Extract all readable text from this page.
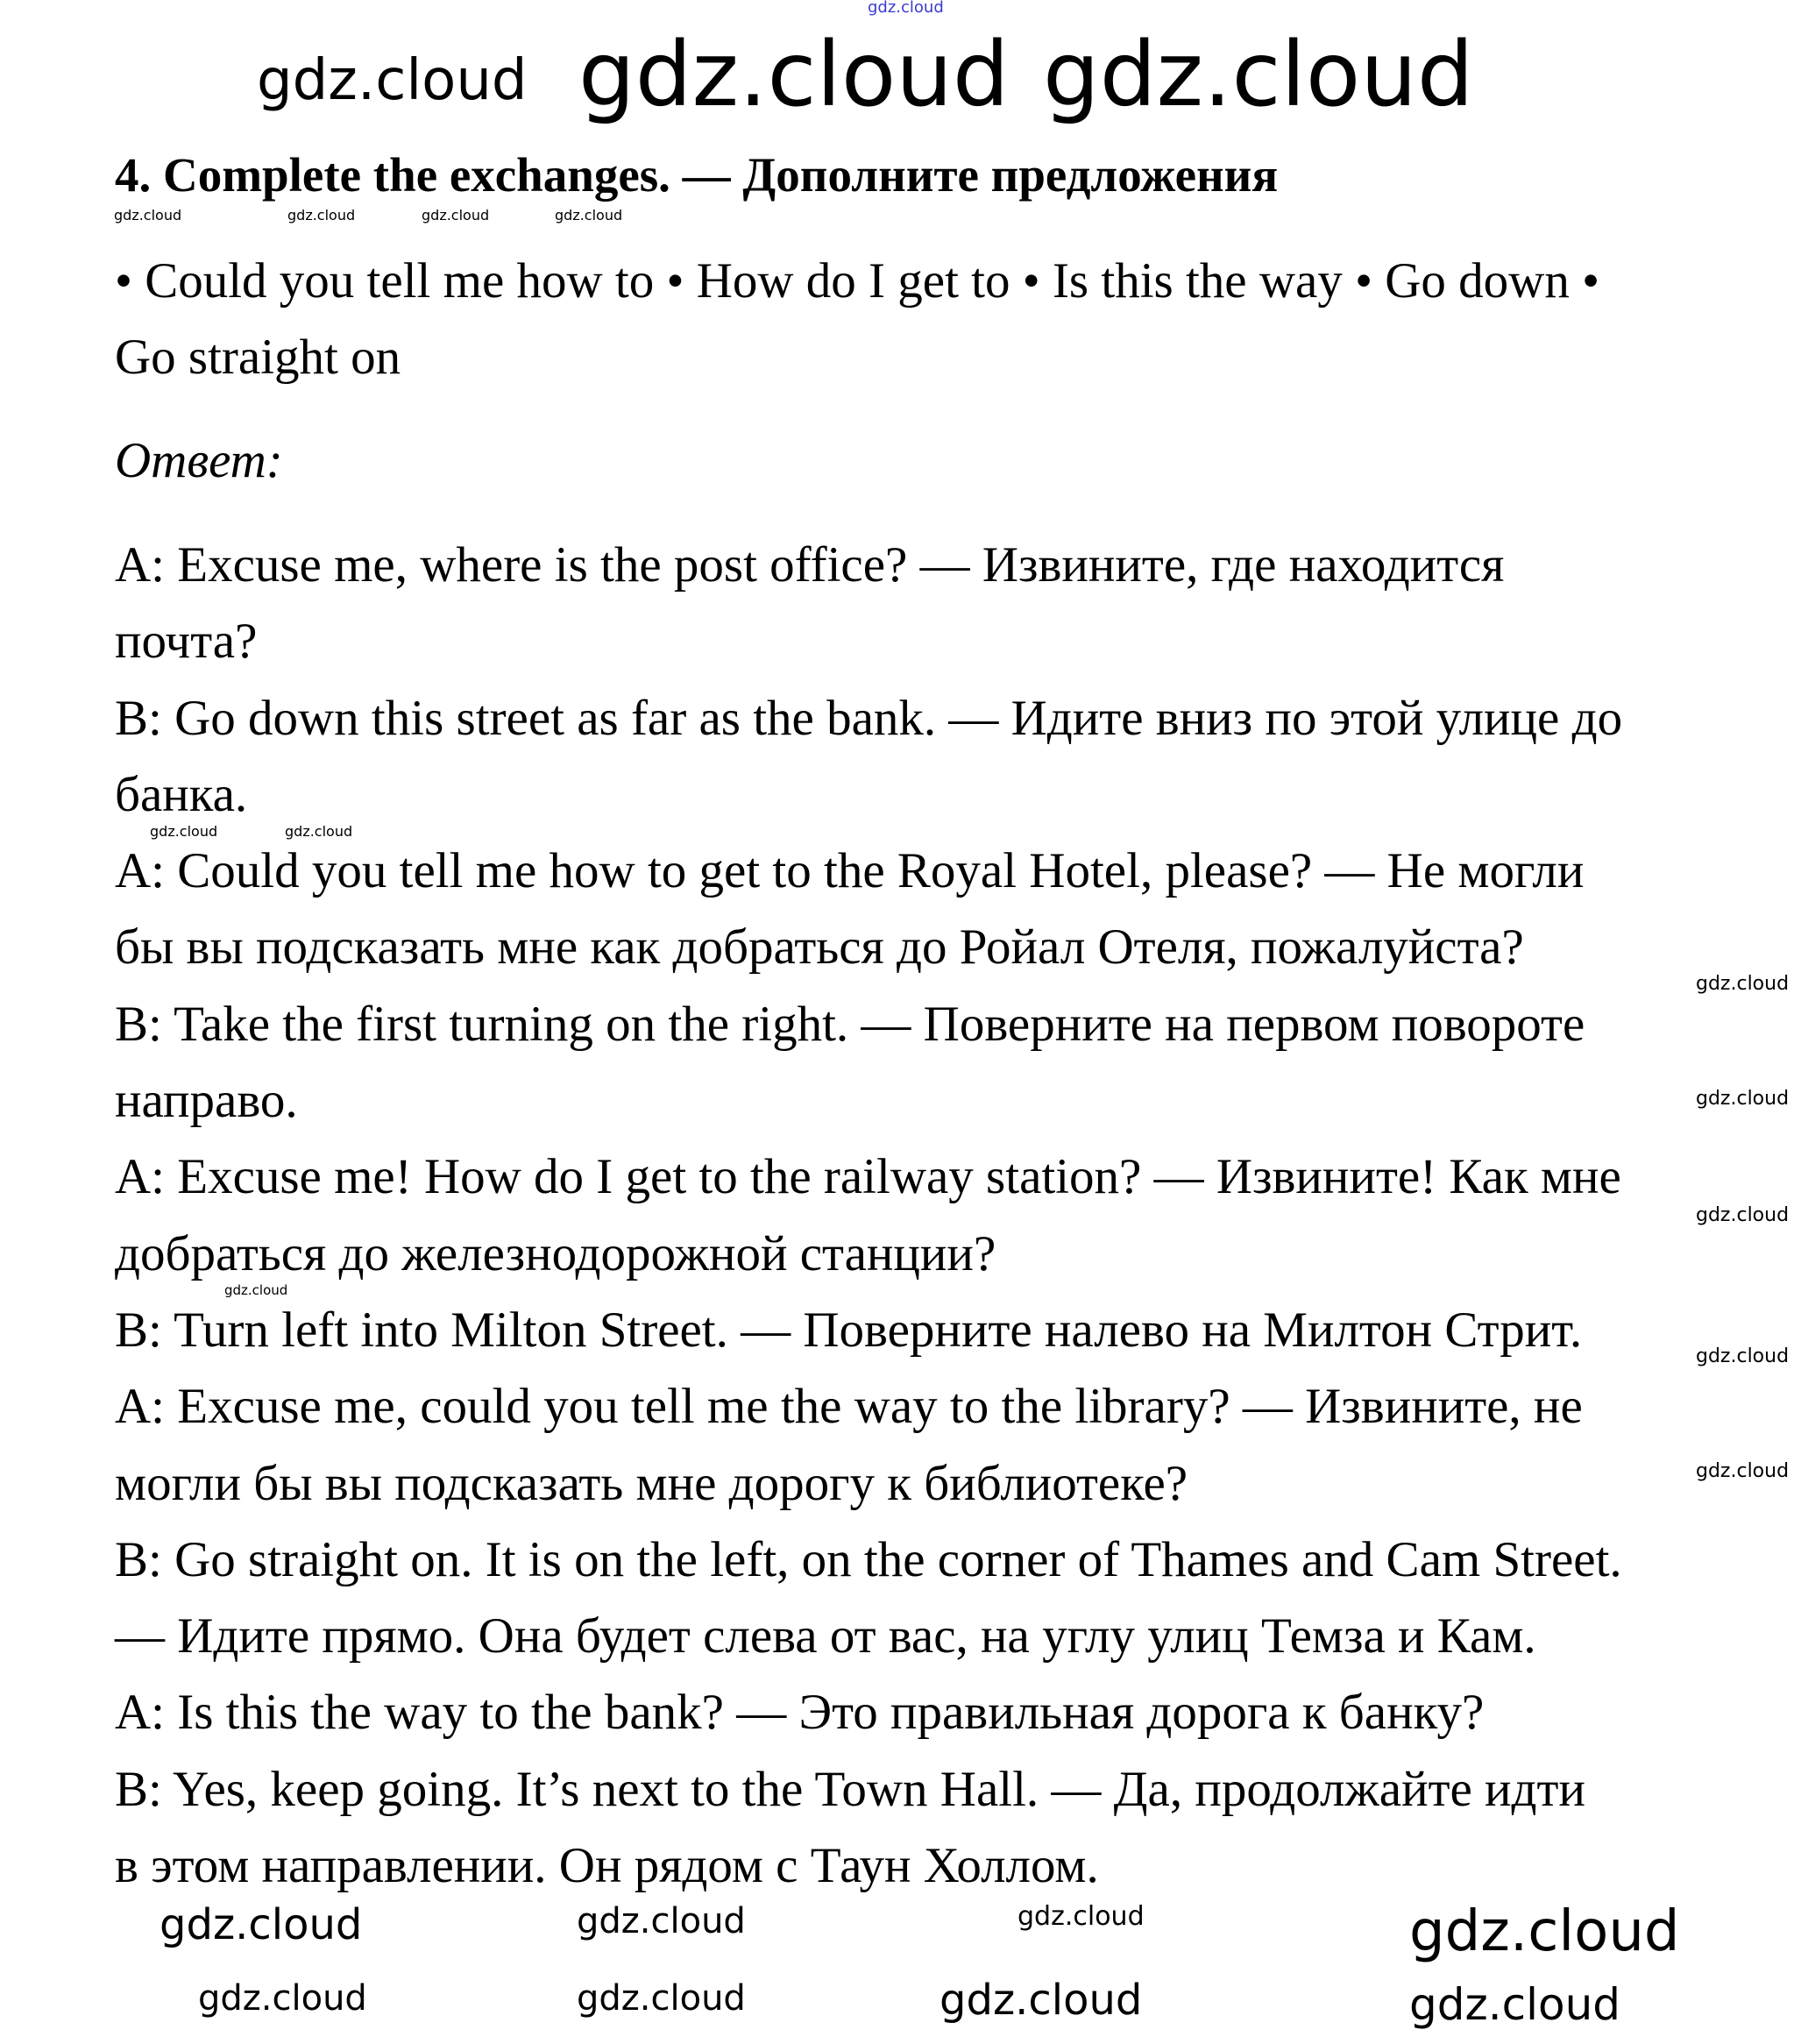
gdz.cloud
4. Complete the exchanges. — Дополните предложения
• Could you tell me how to • How do I get to • Is this the way • Go down •
Go straight on
Ответ:
A: Excuse me, where is the post office? — Извините, где находится
почта?
B: Go down this street as far as the bank. — Идите вниз по этой улице до
банка.
A: Could you tell me how to get to the Royal Hotel, please? — Не могли
бы вы подсказать мне как добраться до Ройал Отеля, пожалуйста?
B: Take the first turning on the right. — Поверните на первом повороте
направо.
A: Excuse me! How do I get to the railway station? — Извините! Как мне
добраться до железнодорожной станции?
B: Turn left into Milton Street. — Поверните налево на Милтон Стрит.
A: Excuse me, could you tell me the way to the library? — Извините, не
могли бы вы подсказать мне дорогу к библиотеке?
B: Go straight on. It is on the left, on the corner of Thames and Cam Street.
— Идите прямо. Она будет слева от вас, на углу улиц Темза и Кам.
A: Is this the way to the bank? — Это правильная дорога к банку?
B: Yes, keep going. It’s next to the Town Hall. — Да, продолжайте идти
в этом направлении. Он рядом с Таун Холлом.
gdz.cloud	gdz.cloud	gdz.cloud	gdz.cloud
gdz.cloud gdz.cloud gdz.cloud
gdz.cloud	gdz.cloud
gdz.cloud
gdz.cloud
gdz.cloud
gdz.cloud
gdz.cloud
gdz.cloud
gdz.cloud	gdz.cloud	gdz.cloud	gdz.cloud
gdz.cloud	gdz.cloud	gdz.cloud	gdz.cloud
